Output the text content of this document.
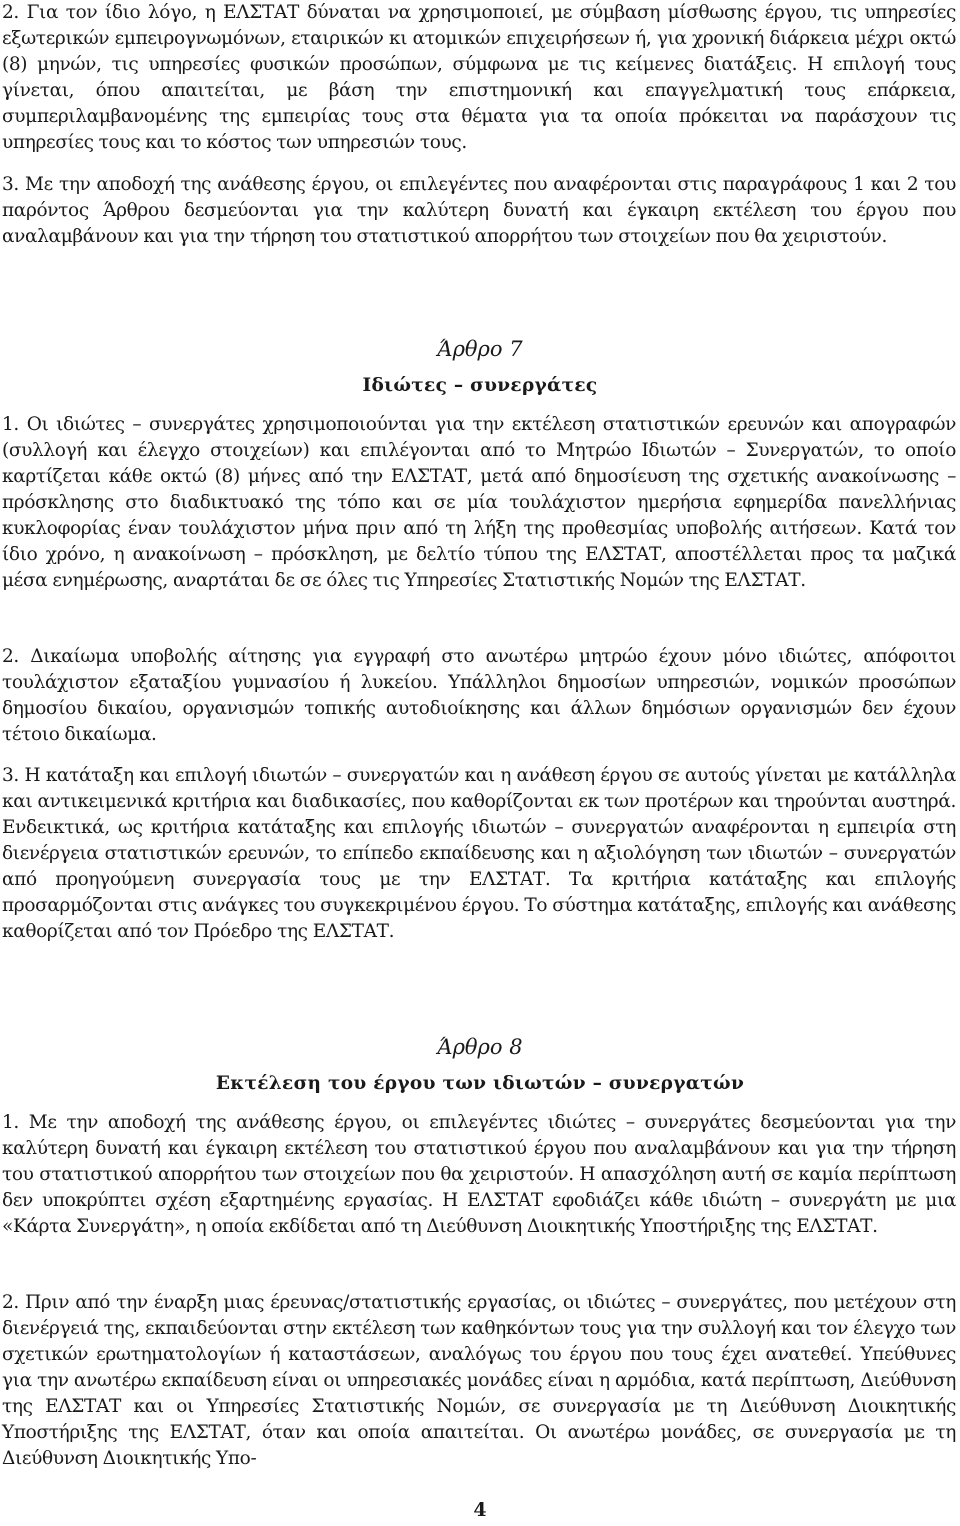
2. Για τον ίδιο λόγο, η ΕΛΣΤΑΤ δύναται να χρησιμοποιεί, με σύμβαση μίσθωσης έργου, τις υπηρεσίες εξωτερικών εμπειρογνωμόνων, εταιρικών κι ατομικών επιχειρήσεων ή, για χρονική διάρκεια μέχρι οκτώ (8) μηνών, τις υπηρεσίες φυσικών προσώπων, σύμφωνα με τις κείμενες διατάξεις. Η επιλογή τους γίνεται, όπου απαιτείται, με βάση την επιστημονική και επαγγελματική τους επάρκεια, συμπεριλαμβανομένης της εμπειρίας τους στα θέματα για τα οποία πρόκειται να παράσχουν τις υπηρεσίες τους και το κόστος των υπηρεσιών τους.

3. Με την αποδοχή της ανάθεσης έργου, οι επιλεγέντες που αναφέρονται στις παραγράφους 1 και 2 του παρόντος Άρθρου δεσμεύονται για την καλύτερη δυνατή και έγκαιρη εκτέλεση του έργου που αναλαμβάνουν και για την τήρηση του στατιστικού απορρήτου των στοιχείων που θα χειριστούν.

Άρθρο 7
Ιδιώτες – συνεργάτες

1. Οι ιδιώτες – συνεργάτες χρησιμοποιούνται για την εκτέλεση στατιστικών ερευνών και απογραφών (συλλογή και έλεγχο στοιχείων) και επιλέγονται από το Μητρώο Ιδιωτών – Συνεργατών, το οποίο καρτίζεται κάθε οκτώ (8) μήνες από την ΕΛΣΤΑΤ, μετά από δημοσίευση της σχετικής ανακοίνωσης – πρόσκλησης στο διαδικτυακό της τόπο και σε μία τουλάχιστον ημερήσια εφημερίδα πανελλήνιας κυκλοφορίας έναν τουλάχιστον μήνα πριν από τη λήξη της προθεσμίας υποβολής αιτήσεων. Κατά τον ίδιο χρόνο, η ανακοίνωση – πρόσκληση, με δελτίο τύπου της ΕΛΣΤΑΤ, αποστέλλεται προς τα μαζικά μέσα ενημέρωσης, αναρτάται δε σε όλες τις Υπηρεσίες Στατιστικής Νομών της ΕΛΣΤΑΤ.

2. Δικαίωμα υποβολής αίτησης για εγγραφή στο ανωτέρω μητρώο έχουν μόνο ιδιώτες, απόφοιτοι τουλάχιστον εξαταξίου γυμνασίου ή λυκείου. Υπάλληλοι δημοσίων υπηρεσιών, νομικών προσώπων δημοσίου δικαίου, οργανισμών τοπικής αυτοδιοίκησης και άλλων δημόσιων οργανισμών δεν έχουν τέτοιο δικαίωμα.

3. Η κατάταξη και επιλογή ιδιωτών – συνεργατών και η ανάθεση έργου σε αυτούς γίνεται με κατάλληλα και αντικειμενικά κριτήρια και διαδικασίες, που καθορίζονται εκ των προτέρων και τηρούνται αυστηρά. Ενδεικτικά, ως κριτήρια κατάταξης και επιλογής ιδιωτών – συνεργατών αναφέρονται η εμπειρία στη διενέργεια στατιστικών ερευνών, το επίπεδο εκπαίδευσης και η αξιολόγηση των ιδιωτών – συνεργατών από προηγούμενη συνεργασία τους με την ΕΛΣΤΑΤ. Τα κριτήρια κατάταξης και επιλογής προσαρμόζονται στις ανάγκες του συγκεκριμένου έργου. Το σύστημα κατάταξης, επιλογής και ανάθεσης καθορίζεται από τον Πρόεδρο της ΕΛΣΤΑΤ.

Άρθρο 8
Εκτέλεση του έργου των ιδιωτών – συνεργατών

1. Με την αποδοχή της ανάθεσης έργου, οι επιλεγέντες ιδιώτες – συνεργάτες δεσμεύονται για την καλύτερη δυνατή και έγκαιρη εκτέλεση του στατιστικού έργου που αναλαμβάνουν και για την τήρηση του στατιστικού απορρήτου των στοιχείων που θα χειριστούν. Η απασχόληση αυτή σε καμία περίπτωση δεν υποκρύπτει σχέση εξαρτημένης εργασίας. Η ΕΛΣΤΑΤ εφοδιάζει κάθε ιδιώτη – συνεργάτη με μια «Κάρτα Συνεργάτη», η οποία εκδίδεται από τη Διεύθυνση Διοικητικής Υποστήριξης της ΕΛΣΤΑΤ.

2. Πριν από την έναρξη μιας έρευνας/στατιστικής εργασίας, οι ιδιώτες – συνεργάτες, που μετέχουν στη διενέργειά της, εκπαιδεύονται στην εκτέλεση των καθηκόντων τους για την συλλογή και τον έλεγχο των σχετικών ερωτηματολογίων ή καταστάσεων, αναλόγως του έργου που τους έχει ανατεθεί. Υπεύθυνες για την ανωτέρω εκπαίδευση είναι οι υπηρεσιακές μονάδες είναι η αρμόδια, κατά περίπτωση, Διεύθυνση της ΕΛΣΤΑΤ και οι Υπηρεσίες Στατιστικής Νομών, σε συνεργασία με τη Διεύθυνση Διοικητικής Υποστήριξης της ΕΛΣΤΑΤ, όταν και οπoία απαιτείται. Οι ανωτέρω μονάδες, σε συνεργασία με τη Διεύθυνση Διοικητικής Υπο-

4
